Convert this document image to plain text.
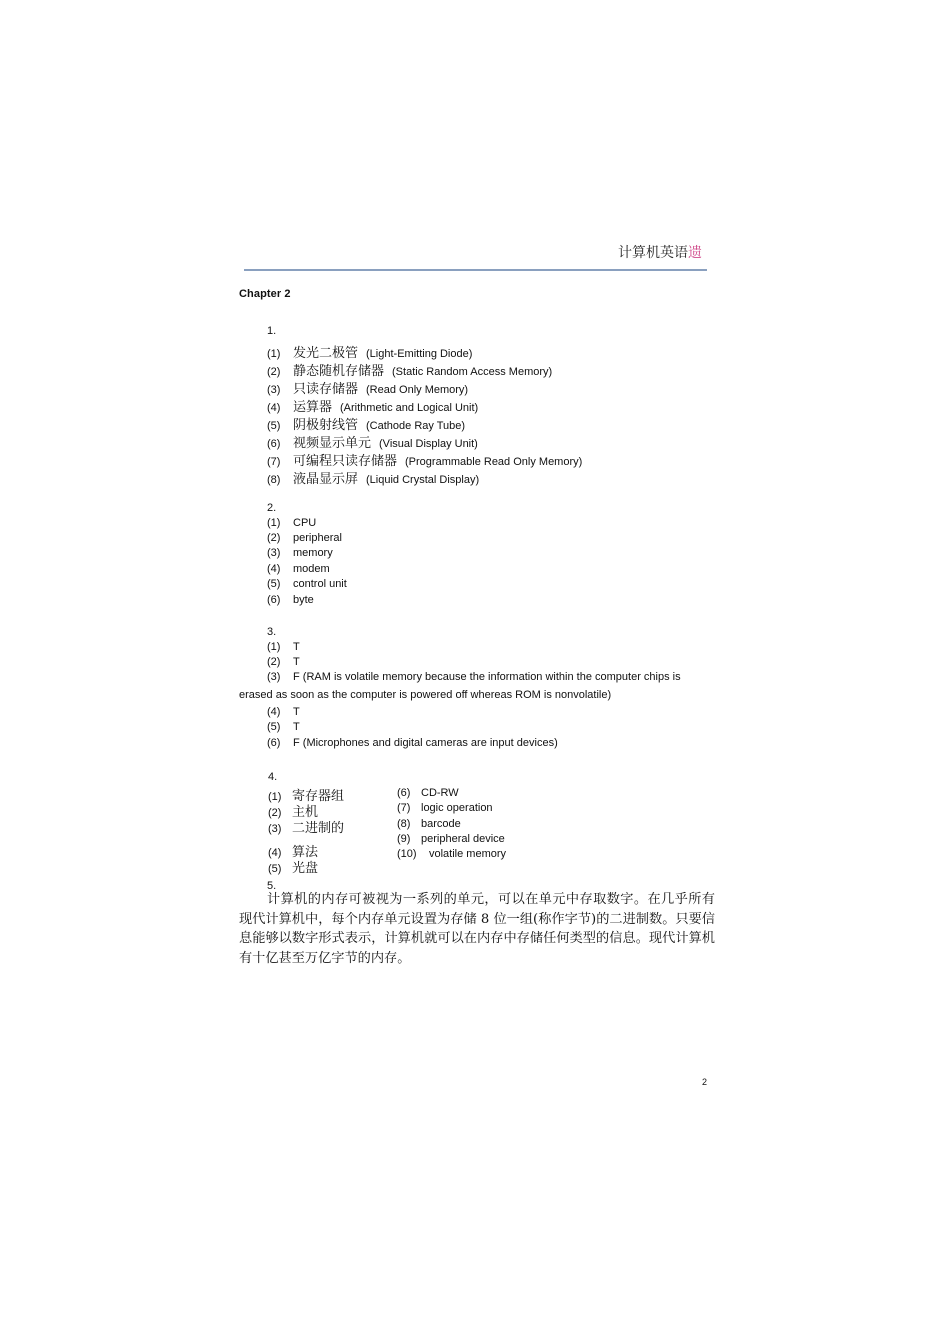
计算机英语遗
Chapter 2
1.
(1) 发光二极管 (Light-Emitting Diode)
(2) 静态随机存储器 (Static Random Access Memory)
(3) 只读存储器 (Read Only Memory)
(4) 运算器 (Arithmetic and Logical Unit)
(5) 阴极射线管 (Cathode Ray Tube)
(6) 视频显示单元 (Visual Display Unit)
(7) 可编程只读存储器 (Programmable Read Only Memory)
(8) 液晶显示屏 (Liquid Crystal Display)
2.
(1) CPU
(2) peripheral
(3) memory
(4) modem
(5) control unit
(6) byte
3.
(1) T
(2) T
(3) F (RAM is volatile memory because the information within the computer chips is
erased as soon as the computer is powered off whereas ROM is nonvolatile)
(4) T
(5) T
(6) F (Microphones and digital cameras are input devices)
4.
(1) 寄存器组
(2) 主机
(3) 二进制的
(4) 算法
(5) 光盘
(6) CD-RW
(7) logic operation
(8) barcode
(9) peripheral device
(10) volatile memory
5.
计算机的内存可被视为一系列的单元，可以在单元中存取数字。在几乎所有现代计算机中，每个内存单元设置为存储 8 位一组(称作字节)的二进制数。只要信息能够以数字形式表示，计算机就可以在内存中存储任何类型的信息。现代计算机有十亿甚至万亿字节的内存。
2
